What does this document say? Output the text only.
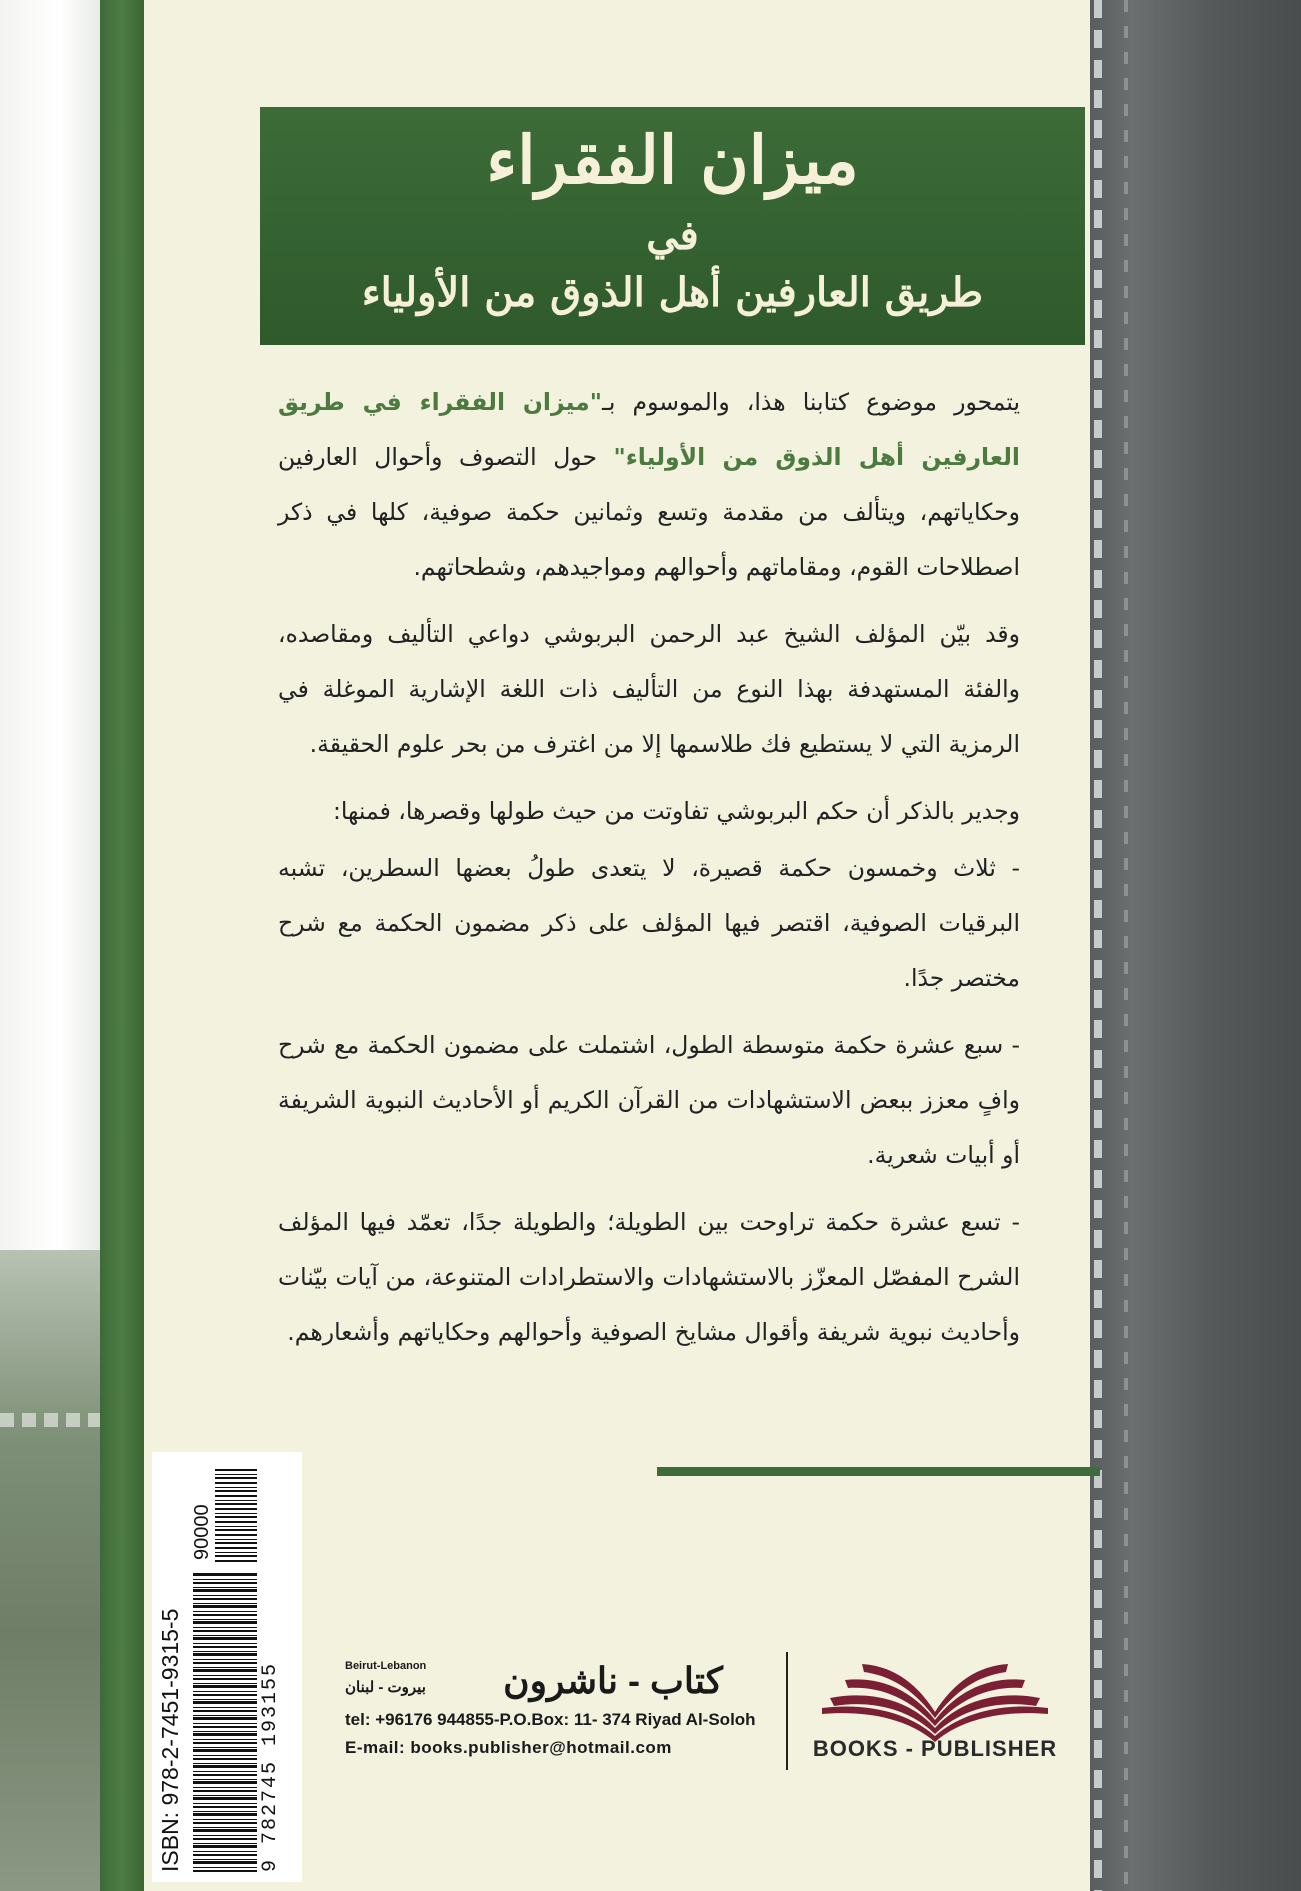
ميزان الفقراء
في
طريق العارفين أهل الذوق من الأولياء

يتمحور موضوع كتابنا هذا، والموسوم بـ"ميزان الفقراء في طريق العارفين أهل الذوق من الأولياء" حول التصوف وأحوال العارفين وحكاياتهم، ويتألف من مقدمة وتسع وثمانين حكمة صوفية، كلها في ذكر اصطلاحات القوم، ومقاماتهم وأحوالهم ومواجيدهم، وشطحاتهم.

وقد بيّن المؤلف الشيخ عبد الرحمن البربوشي دواعي التأليف ومقاصده، والفئة المستهدفة بهذا النوع من التأليف ذات اللغة الإشارية الموغلة في الرمزية التي لا يستطيع فك طلاسمها إلا من اغترف من بحر علوم الحقيقة.

وجدير بالذكر أن حكم البربوشي تفاوتت من حيث طولها وقصرها، فمنها:

- ثلاث وخمسون حكمة قصيرة، لا يتعدى طولُ بعضها السطرين، تشبه البرقيات الصوفية، اقتصر فيها المؤلف على ذكر مضمون الحكمة مع شرح مختصر جدًا.

- سبع عشرة حكمة متوسطة الطول، اشتملت على مضمون الحكمة مع شرح وافٍ معزز ببعض الاستشهادات من القرآن الكريم أو الأحاديث النبوية الشريفة أو أبيات شعرية.

- تسع عشرة حكمة تراوحت بين الطويلة؛ والطويلة جدًا، تعمّد فيها المؤلف الشرح المفصّل المعزّز بالاستشهادات والاستطرادات المتنوعة، من آيات بيّنات وأحاديث نبوية شريفة وأقوال مشايخ الصوفية وأحوالهم وحكاياتهم وأشعارهم.

ISBN: 978-2-7451-9315-5
90000
9 782745 193155	Beirut-Lebanon
بيروت - لبنان	كتاب - ناشرون
tel: +96176 944855-P.O.Box: 11- 374 Riyad Al-Soloh
E-mail: books.publisher@hotmail.com	BOOKS - PUBLISHER
